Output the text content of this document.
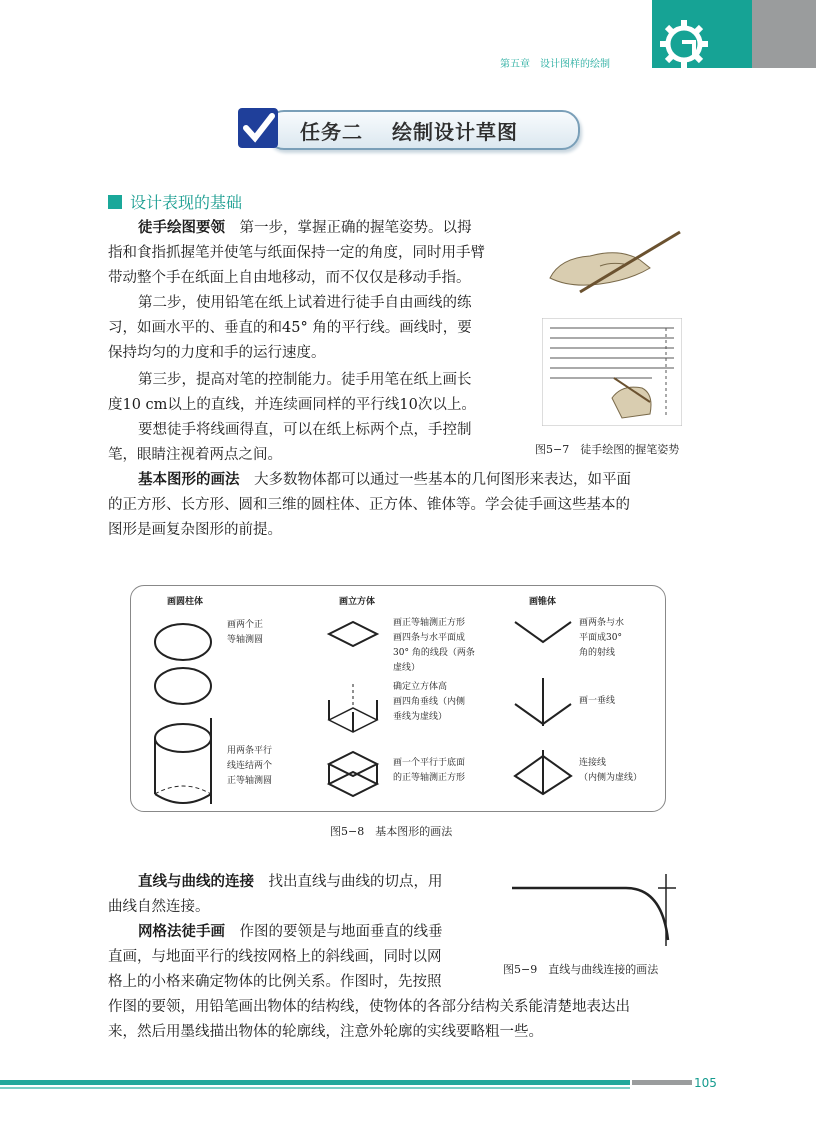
第五章　设计图样的绘制
任务二　 绘制设计草图
设计表现的基础
徒手绘图要领　 第一步，掌握正确的握笔姿势。以拇
指和食指抓握笔并使笔与纸面保持一定的角度，同时用手臂
带动整个手在纸面上自由地移动，而不仅仅是移动手指。
第二步，使用铅笔在纸上试着进行徒手自由画线的练
习，如画水平的、垂直的和45° 角的平行线。画线时，要
保持均匀的力度和手的运行速度。
第三步，提高对笔的控制能力。徒手用笔在纸上画长
度10 cm以上的直线，并连续画同样的平行线10次以上。
要想徒手将线画得直，可以在纸上标两个点，手控制
笔，眼睛注视着两点之间。
基本图形的画法　 大多数物体都可以通过一些基本的几何图形来表达，如平面
的正方形、长方形、圆和三维的圆柱体、正方体、锥体等。学会徒手画这些基本的
图形是画复杂图形的前提。
图5−7　徒手绘图的握笔姿势
画圆柱体	画立方体	画锥体
画两个正
等轴测圆
用两条平行
线连结两个
正等轴测圆
画正等轴测正方形
画四条与水平面成
30° 角的线段（两条
虚线）
确定立方体高
画四角垂线（内侧
垂线为虚线）
画一个平行于底面
的正等轴测正方形
画两条与水
平面成30°
角的射线
画一垂线
连接线
（内侧为虚线）
图5−8　基本图形的画法
直线与曲线的连接　 找出直线与曲线的切点，用
曲线自然连接。
网格法徒手画　 作图的要领是与地面垂直的线垂
直画，与地面平行的线按网格上的斜线画，同时以网
格上的小格来确定物体的比例关系。作图时，先按照
作图的要领，用铅笔画出物体的结构线，使物体的各部分结构关系能清楚地表达出
来，然后用墨线描出物体的轮廓线，注意外轮廓的实线要略粗一些。
图5−9　直线与曲线连接的画法
105
